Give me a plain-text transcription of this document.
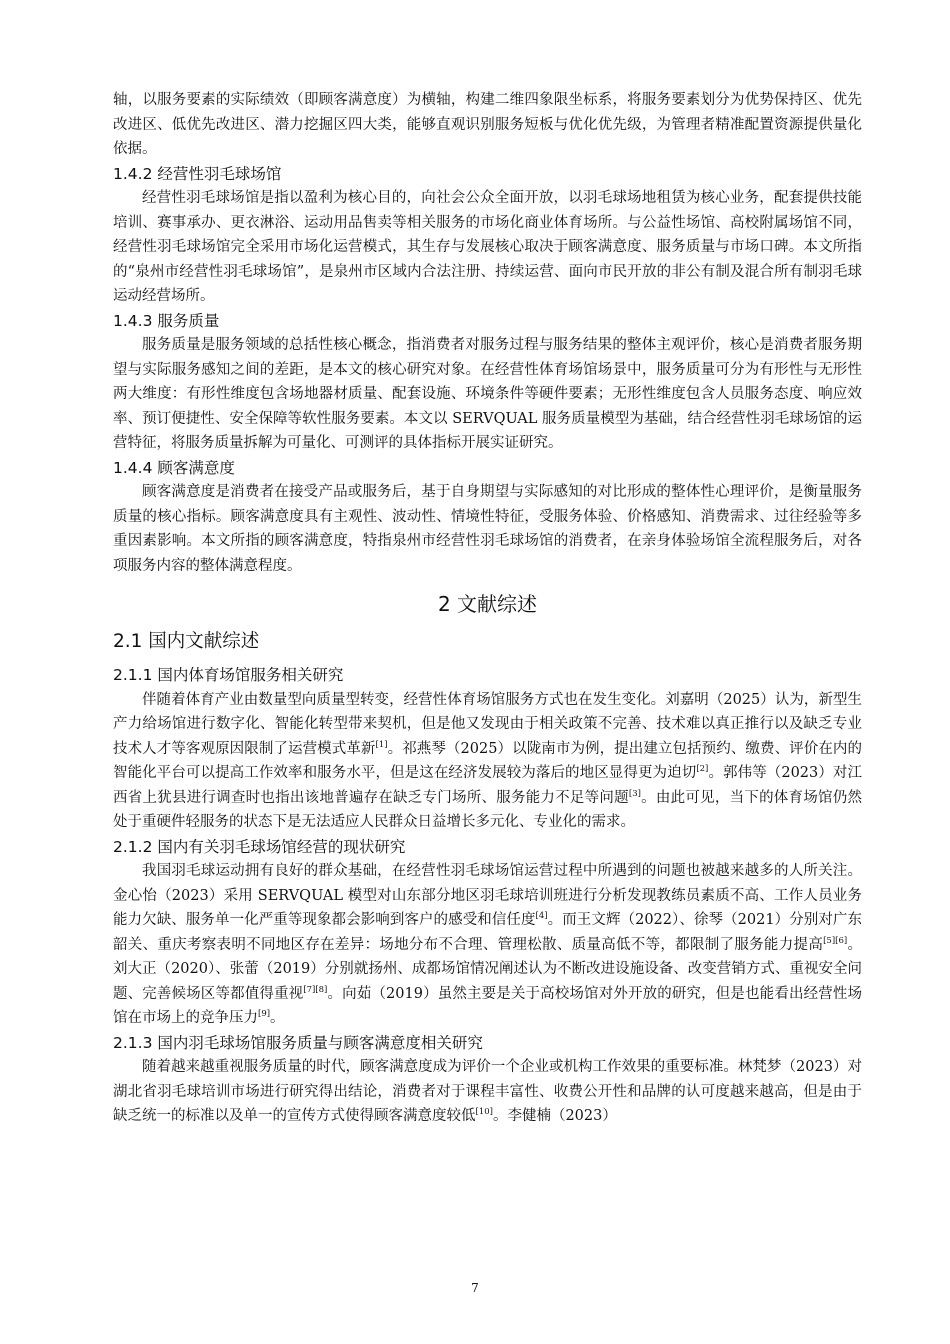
轴，以服务要素的实际绩效（即顾客满意度）为横轴，构建二维四象限坐标系，将服务要素划分为优势保持区、优先改进区、低优先改进区、潜力挖掘区四大类，能够直观识别服务短板与优化优先级，为管理者精准配置资源提供量化依据。

1.4.2 经营性羽毛球场馆

经营性羽毛球场馆是指以盈利为核心目的，向社会公众全面开放，以羽毛球场地租赁为核心业务，配套提供技能培训、赛事承办、更衣淋浴、运动用品售卖等相关服务的市场化商业体育场所。与公益性场馆、高校附属场馆不同，经营性羽毛球场馆完全采用市场化运营模式，其生存与发展核心取决于顾客满意度、服务质量与市场口碑。本文所指的“泉州市经营性羽毛球场馆”，是泉州市区域内合法注册、持续运营、面向市民开放的非公有制及混合所有制羽毛球运动经营场所。

1.4.3 服务质量

服务质量是服务领域的总括性核心概念，指消费者对服务过程与服务结果的整体主观评价，核心是消费者服务期望与实际服务感知之间的差距，是本文的核心研究对象。在经营性体育场馆场景中，服务质量可分为有形性与无形性两大维度：有形性维度包含场地器材质量、配套设施、环境条件等硬件要素；无形性维度包含人员服务态度、响应效率、预订便捷性、安全保障等软性服务要素。本文以 SERVQUAL 服务质量模型为基础，结合经营性羽毛球场馆的运营特征，将服务质量拆解为可量化、可测评的具体指标开展实证研究。

1.4.4 顾客满意度

顾客满意度是消费者在接受产品或服务后，基于自身期望与实际感知的对比形成的整体性心理评价，是衡量服务质量的核心指标。顾客满意度具有主观性、波动性、情境性特征，受服务体验、价格感知、消费需求、过往经验等多重因素影响。本文所指的顾客满意度，特指泉州市经营性羽毛球场馆的消费者，在亲身体验场馆全流程服务后，对各项服务内容的整体满意程度。

2 文献综述
2.1 国内文献综述
2.1.1 国内体育场馆服务相关研究

伴随着体育产业由数量型向质量型转变，经营性体育场馆服务方式也在发生变化。刘嘉明（2025）认为，新型生产力给场馆进行数字化、智能化转型带来契机，但是他又发现由于相关政策不完善、技术难以真正推行以及缺乏专业技术人才等客观原因限制了运营模式革新[1]。祁燕琴（2025）以陇南市为例，提出建立包括预约、缴费、评价在内的智能化平台可以提高工作效率和服务水平，但是这在经济发展较为落后的地区显得更为迫切[2]。郭伟等（2023）对江西省上犹县进行调查时也指出该地普遍存在缺乏专门场所、服务能力不足等问题[3]。由此可见，当下的体育场馆仍然处于重硬件轻服务的状态下是无法适应人民群众日益增长多元化、专业化的需求。

2.1.2 国内有关羽毛球场馆经营的现状研究

我国羽毛球运动拥有良好的群众基础，在经营性羽毛球场馆运营过程中所遇到的问题也被越来越多的人所关注。金心怡（2023）采用 SERVQUAL 模型对山东部分地区羽毛球培训班进行分析发现教练员素质不高、工作人员业务能力欠缺、服务单一化严重等现象都会影响到客户的感受和信任度[4]。而王文辉（2022）、徐琴（2021）分别对广东韶关、重庆考察表明不同地区存在差异：场地分布不合理、管理松散、质量高低不等，都限制了服务能力提高[5][6]。刘大正（2020）、张蕾（2019）分别就扬州、成都场馆情况阐述认为不断改进设施设备、改变营销方式、重视安全问题、完善候场区等都值得重视[7][8]。向茹（2019）虽然主要是关于高校场馆对外开放的研究，但是也能看出经营性场馆在市场上的竞争压力[9]。

2.1.3 国内羽毛球场馆服务质量与顾客满意度相关研究

随着越来越重视服务质量的时代，顾客满意度成为评价一个企业或机构工作效果的重要标准。林梵梦（2023）对湖北省羽毛球培训市场进行研究得出结论，消费者对于课程丰富性、收费公开性和品牌的认可度越来越高，但是由于缺乏统一的标准以及单一的宣传方式使得顾客满意度较低[10]。李健楠（2023）

7
